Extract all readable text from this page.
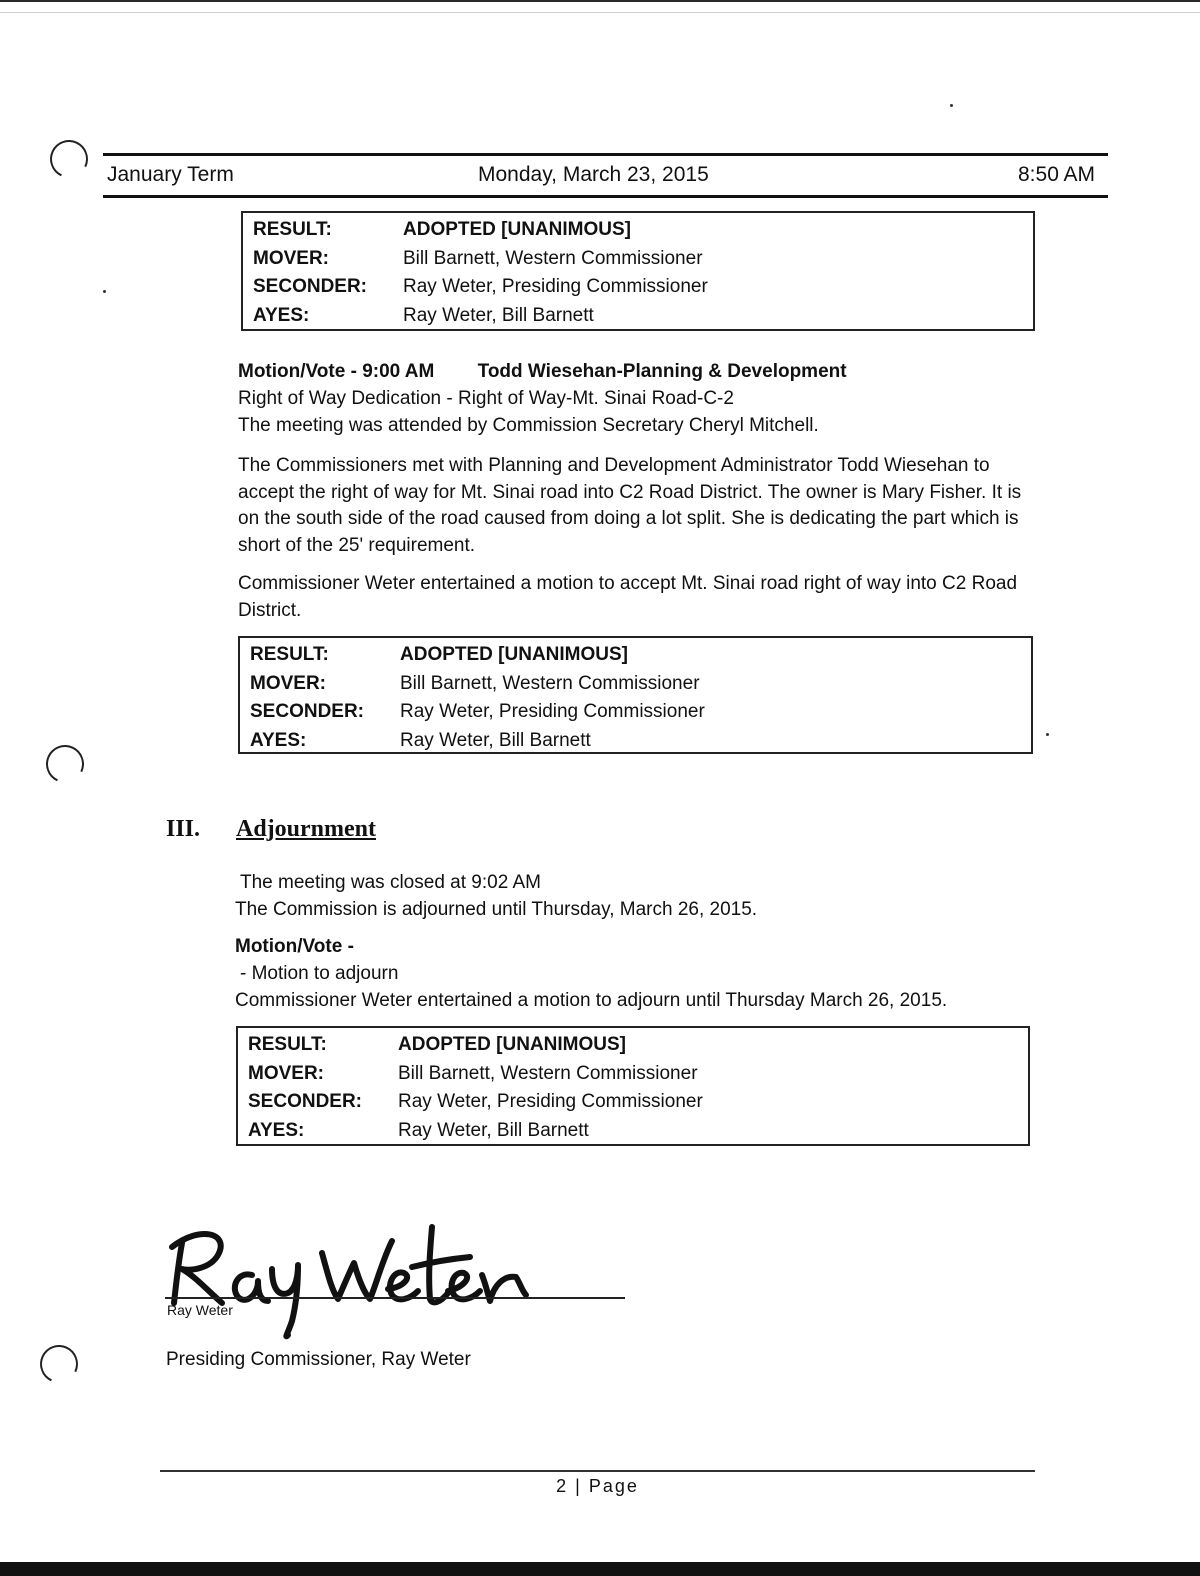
January Term	Monday, March 23, 2015	8:50 AM
RESULT:	ADOPTED [UNANIMOUS]
MOVER:	Bill Barnett, Western Commissioner
SECONDER:	Ray Weter, Presiding Commissioner
AYES:	Ray Weter, Bill Barnett
Motion/Vote - 9:00 AM Todd Wiesehan-Planning & Development
Right of Way Dedication - Right of Way-Mt. Sinai Road-C-2
The meeting was attended by Commission Secretary Cheryl Mitchell.
The Commissioners met with Planning and Development Administrator Todd Wiesehan to accept the right of way for Mt. Sinai road into C2 Road District. The owner is Mary Fisher. It is on the south side of the road caused from doing a lot split. She is dedicating the part which is short of the 25' requirement.
Commissioner Weter entertained a motion to accept Mt. Sinai road right of way into C2 Road District.
RESULT:	ADOPTED [UNANIMOUS]
MOVER:	Bill Barnett, Western Commissioner
SECONDER:	Ray Weter, Presiding Commissioner
AYES:	Ray Weter, Bill Barnett
III. Adjournment
The meeting was closed at 9:02 AM
The Commission is adjourned until Thursday, March 26, 2015.
Motion/Vote -
- Motion to adjourn
Commissioner Weter entertained a motion to adjourn until Thursday March 26, 2015.
RESULT:	ADOPTED [UNANIMOUS]
MOVER:	Bill Barnett, Western Commissioner
SECONDER:	Ray Weter, Presiding Commissioner
AYES:	Ray Weter, Bill Barnett
Ray Weter
Presiding Commissioner, Ray Weter
2 | Page
